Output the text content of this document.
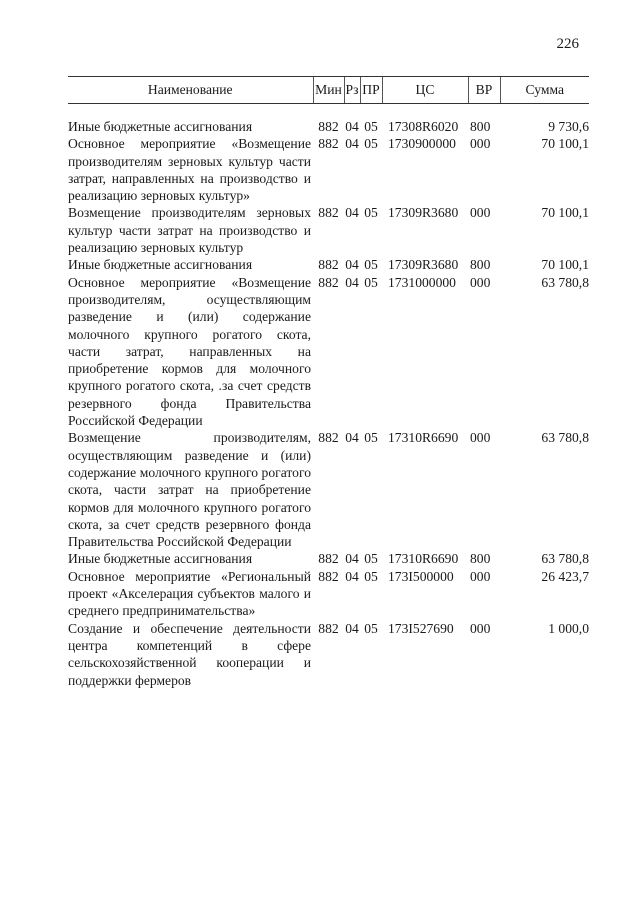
226
Наименование	Мин	Рз	ПР	ЦС	ВР	Сумма

Иные бюджетные ассигнования	882	04	05	17308R6020	800	9 730,6
Основное мероприятие «Возмещение производителям зерновых культур части затрат, направленных на производство и реализацию зерновых культур»	882	04	05	1730900000	000	70 100,1
Возмещение производителям зерновых культур части затрат на производство и реализацию зерновых культур	882	04	05	17309R3680	000	70 100,1
Иные бюджетные ассигнования	882	04	05	17309R3680	800	70 100,1
Основное мероприятие «Возмещение производителям, осуществляющим разведение и (или) содержание молочного крупного рогатого скота, части затрат, направленных на приобретение кормов для молочного крупного рогатого скота, .за счет средств резервного фонда Правительства Российской Федерации	882	04	05	1731000000	000	63 780,8
Возмещение производителям, осуществляющим разведение и (или) содержание молочного крупного рогатого скота, части затрат на приобретение кормов для молочного крупного рогатого скота, за счет средств резервного фонда Правительства Российской Федерации	882	04	05	17310R6690	000	63 780,8
Иные бюджетные ассигнования	882	04	05	17310R6690	800	63 780,8
Основное мероприятие «Региональный проект «Акселерация субъектов малого и среднего предпринимательства»	882	04	05	173I500000	000	26 423,7
Создание и обеспечение деятельности центра компетенций в сфере сельскохозяйственной кооперации и поддержки фермеров	882	04	05	173I527690	000	1 000,0
